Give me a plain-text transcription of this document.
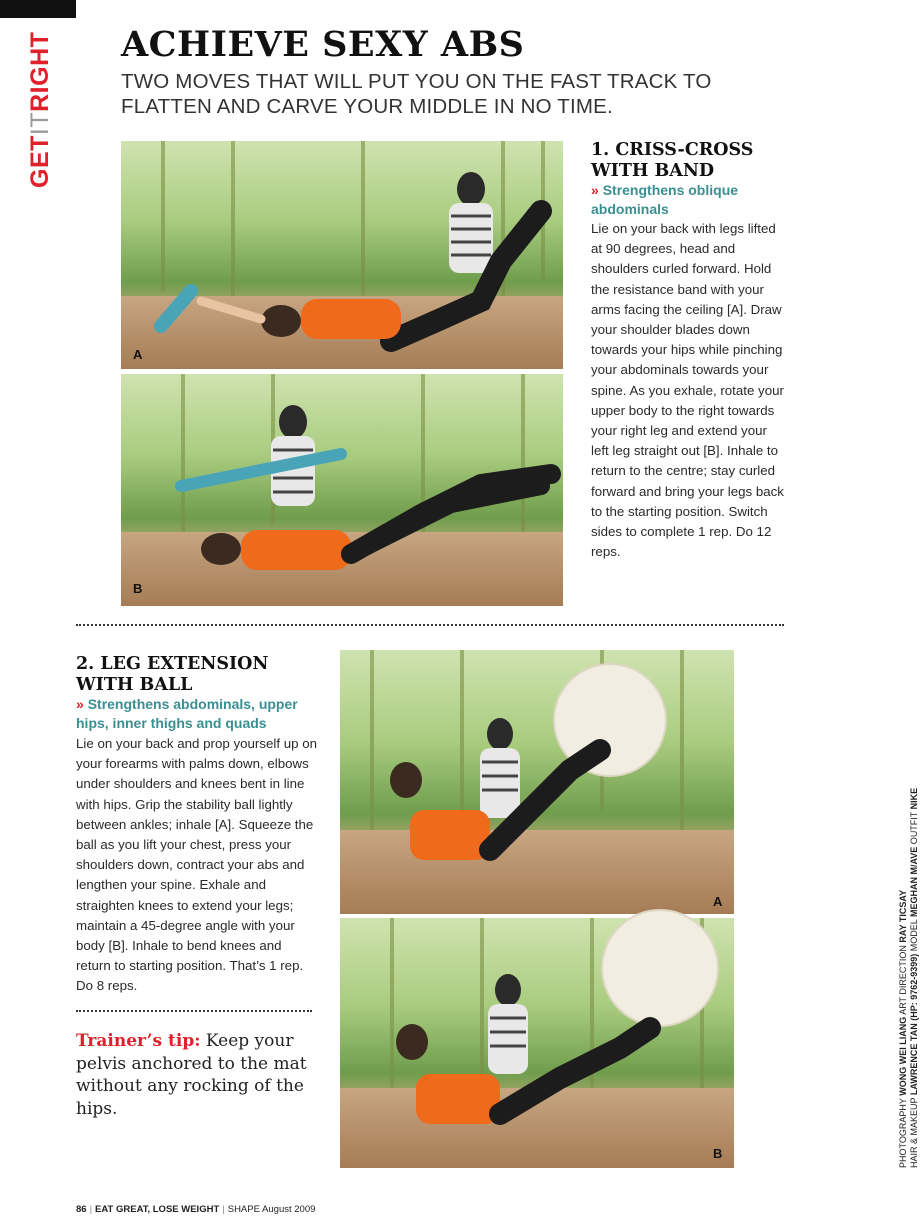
GETITRIGHT ACHIEVE SEXY ABS

TWO MOVES THAT WILL PUT YOU ON THE FAST TRACK TO FLATTEN AND CARVE YOUR MIDDLE IN NO TIME.

A
B
1. CRISS-CROSS
WITH BAND

» Strengthens oblique abdominals

Lie on your back with legs lifted at 90 degrees, head and shoulders curled forward. Hold the resistance band with your arms facing the ceiling [A]. Draw your shoulder blades down towards your hips while pinching your abdominals towards your spine. As you exhale, rotate your upper body to the right towards your right leg and extend your left leg straight out [B]. Inhale to return to the centre; stay curled forward and bring your legs back to the starting position. Switch sides to complete 1 rep. Do 12 reps.

2. LEG EXTENSION
WITH BALL

» Strengthens abdominals, upper hips, inner thighs and quads

Lie on your back and prop yourself up on your forearms with palms down, elbows under shoulders and knees bent in line with hips. Grip the stability ball lightly between ankles; inhale [A]. Squeeze the ball as you lift your chest, press your shoulders down, contract your abs and lengthen your spine. Exhale and straighten knees to extend your legs; maintain a 45-degree angle with your body [B]. Inhale to bend knees and return to starting position. That’s 1 rep. Do 8 reps.

Trainer’s tip: Keep your pelvis anchored to the mat without any rocking of the hips.

A
B	PHOTOGRAPHY WONG WEI LIANG ART DIRECTION RAY TICSAY
HAIR & MAKEUP LAWRENCE TAN (HP: 9762-9399) MODEL MEGHAN M/AVE OUTFIT NIKE
86 | EAT GREAT, LOSE WEIGHT | SHAPE August 2009
